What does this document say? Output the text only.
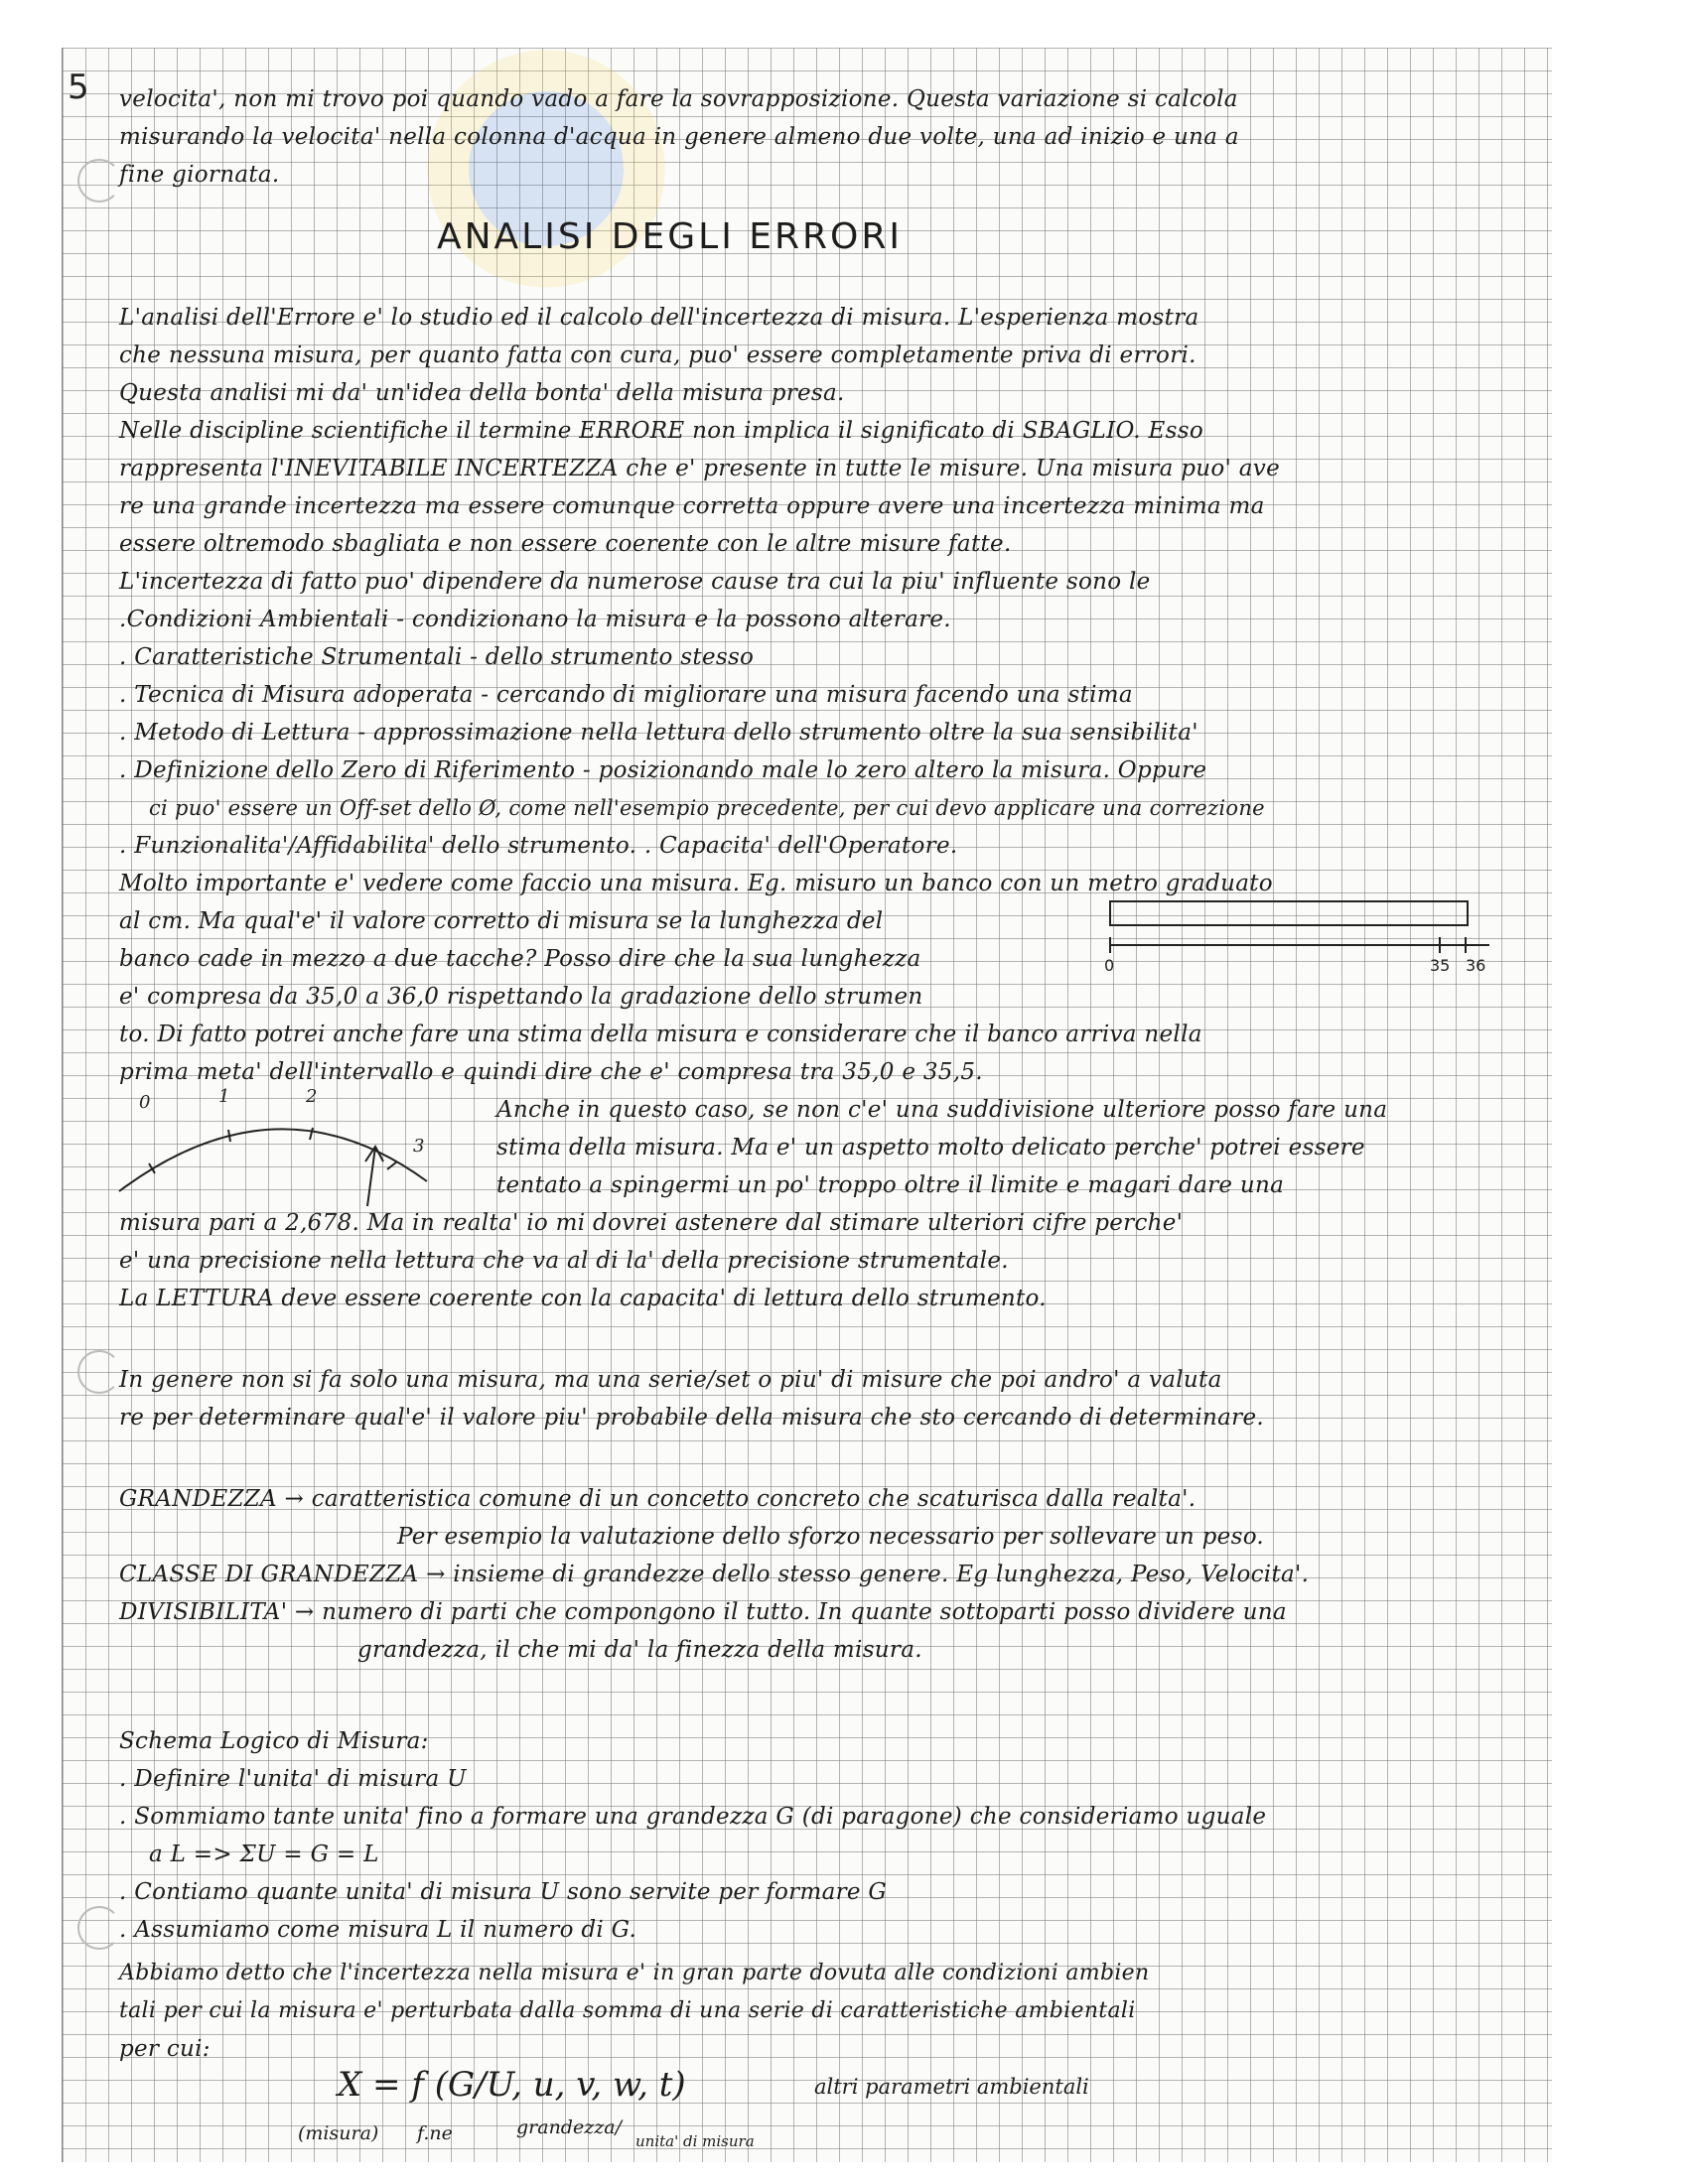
5
ANALISI DEGLI ERRORI
velocita', non mi trovo poi quando vado a fare la sovrapposizione. Questa variazione si calcola
misurando la velocita' nella colonna d'acqua in genere almeno due volte, una ad inizio e una a
fine giornata.
L'analisi dell'Errore e' lo studio ed il calcolo dell'incertezza di misura. L'esperienza mostra
che nessuna misura, per quanto fatta con cura, puo' essere completamente priva di errori.
Questa analisi mi da' un'idea della bonta' della misura presa.
Nelle discipline scientifiche il termine ERRORE non implica il significato di SBAGLIO. Esso
rappresenta l'INEVITABILE INCERTEZZA che e' presente in tutte le misure. Una misura puo' ave
re una grande incertezza ma essere comunque corretta oppure avere una incertezza minima ma
essere oltremodo sbagliata e non essere coerente con le altre misure fatte.
L'incertezza di fatto puo' dipendere da numerose cause tra cui la piu' influente sono le
.Condizioni Ambientali - condizionano la misura e la possono alterare.
. Caratteristiche Strumentali - dello strumento stesso
. Tecnica di Misura adoperata - cercando di migliorare una misura facendo una stima
. Metodo di Lettura - approssimazione nella lettura dello strumento oltre la sua sensibilita'
. Definizione dello Zero di Riferimento - posizionando male lo zero altero la misura. Oppure
ci puo' essere un Off-set dello Ø, come nell'esempio precedente, per cui devo applicare una correzione
. Funzionalita'/Affidabilita' dello strumento. . Capacita' dell'Operatore.
Molto importante e' vedere come faccio una misura. Eg. misuro un banco con un metro graduato
al cm. Ma qual'e' il valore corretto di misura se la lunghezza del
banco cade in mezzo a due tacche? Posso dire che la sua lunghezza
e' compresa da 35,0 a 36,0 rispettando la gradazione dello strumen
to. Di fatto potrei anche fare una stima della misura e considerare che il banco arriva nella
prima meta' dell'intervallo e quindi dire che e' compresa tra 35,0 e 35,5.
Anche in questo caso, se non c'e' una suddivisione ulteriore posso fare una
stima della misura. Ma e' un aspetto molto delicato perche' potrei essere
tentato a spingermi un po' troppo oltre il limite e magari dare una
misura pari a 2,678. Ma in realta' io mi dovrei astenere dal stimare ulteriori cifre perche'
e' una precisione nella lettura che va al di la' della precisione strumentale.
La LETTURA deve essere coerente con la capacita' di lettura dello strumento.
In genere non si fa solo una misura, ma una serie/set o piu' di misure che poi andro' a valuta
re per determinare qual'e' il valore piu' probabile della misura che sto cercando di determinare.
GRANDEZZA → caratteristica comune di un concetto concreto che scaturisca dalla realta'.
Per esempio la valutazione dello sforzo necessario per sollevare un peso.
CLASSE DI GRANDEZZA → insieme di grandezze dello stesso genere. Eg lunghezza, Peso, Velocita'.
DIVISIBILITA' → numero di parti che compongono il tutto. In quante sottoparti posso dividere una
grandezza, il che mi da' la finezza della misura.
Schema Logico di Misura:
. Definire l'unita' di misura U
. Sommiamo tante unita' fino a formare una grandezza G (di paragone) che consideriamo uguale
a L => ΣU = G = L
. Contiamo quante unita' di misura U sono servite per formare G
. Assumiamo come misura L il numero di G.
Abbiamo detto che l'incertezza nella misura e' in gran parte dovuta alle condizioni ambien
tali per cui la misura e' perturbata dalla somma di una serie di caratteristiche ambientali
per cui:
0	35 36
0	1	2
3
X = f (G/U, u, v, w, t)	altri parametri ambientali
(misura) f.ne	grandezza/
unita' di misura
